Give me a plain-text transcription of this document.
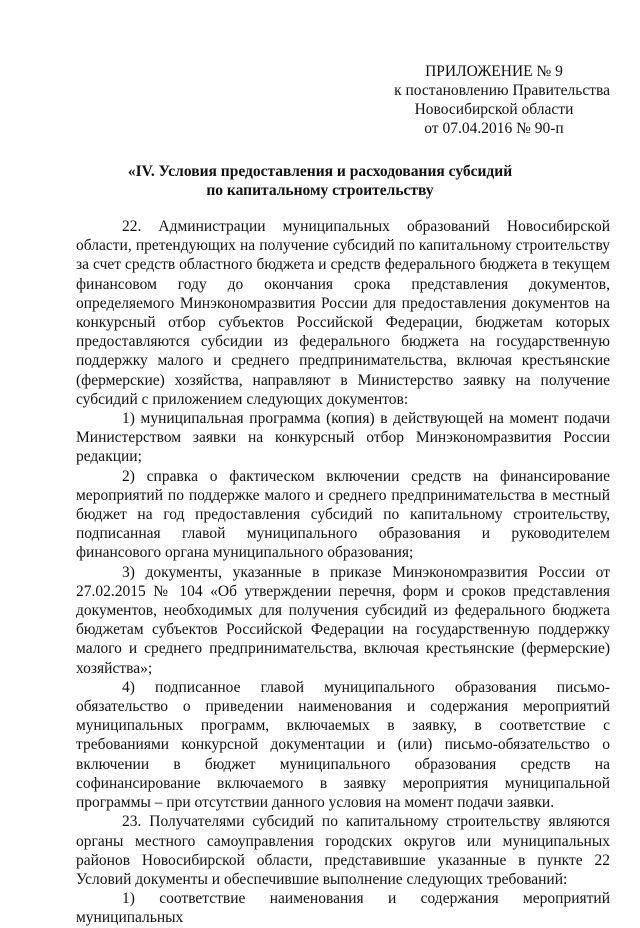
ПРИЛОЖЕНИЕ № 9
к постановлению Правительства
Новосибирской области
от 07.04.2016 № 90-п
«IV. Условия предоставления и расходования субсидий
по капитальному строительству

22. Администрации муниципальных образований Новосибирской области, претендующих на получение субсидий по капитальному строительству за счет средств областного бюджета и средств федерального бюджета в текущем финансовом году до окончания срока представления документов, определяемого Минэкономразвития России для предоставления документов на конкурсный отбор субъектов Российской Федерации, бюджетам которых предоставляются субсидии из федерального бюджета на государственную поддержку малого и среднего предпринимательства, включая крестьянские (фермерские) хозяйства, направляют в Министерство заявку на получение субсидий с приложением следующих документов:

1) муниципальная программа (копия) в действующей на момент подачи Министерством заявки на конкурсный отбор Минэкономразвития России редакции;

2) справка о фактическом включении средств на финансирование мероприятий по поддержке малого и среднего предпринимательства в местный бюджет на год предоставления субсидий по капитальному строительству, подписанная главой муниципального образования и руководителем финансового органа муниципального образования;

3) документы, указанные в приказе Минэкономразвития России от 27.02.2015 № 104 «Об утверждении перечня, форм и сроков представления документов, необходимых для получения субсидий из федерального бюджета бюджетам субъектов Российской Федерации на государственную поддержку малого и среднего предпринимательства, включая крестьянские (фермерские) хозяйства»;

4) подписанное главой муниципального образования письмо-обязательство о приведении наименования и содержания мероприятий муниципальных программ, включаемых в заявку, в соответствие с требованиями конкурсной документации и (или) письмо-обязательство о включении в бюджет муниципального образования средств на софинансирование включаемого в заявку мероприятия муниципальной программы – при отсутствии данного условия на момент подачи заявки.

23. Получателями субсидий по капитальному строительству являются органы местного самоуправления городских округов или муниципальных районов Новосибирской области, представившие указанные в пункте 22 Условий документы и обеспечившие выполнение следующих требований:

1) соответствие наименования и содержания мероприятий муниципальных
